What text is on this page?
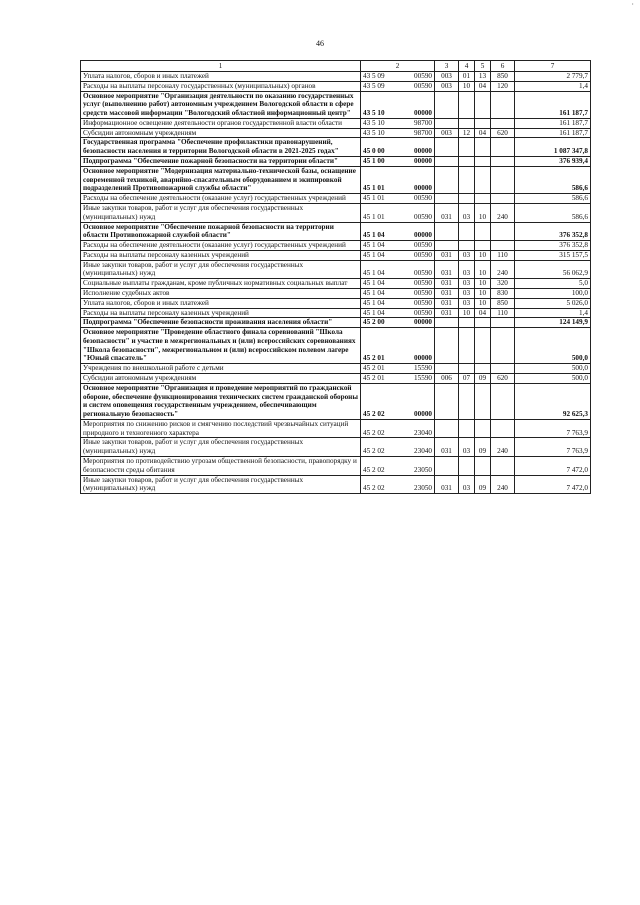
46
·
1	2		3	4	5	6	7
Уплата налогов, сборов и иных платежей	43 5 09	00590	003	01	13	850	2 779,7
Расходы на выплаты персоналу государственных (муниципальных) органов	43 5 09	00590	003	10	04	120	1,4
Основное мероприятие "Организация деятельности по оказанию государственных услуг (выполнению работ) автономным учреждением Вологодской области в сфере средств массовой информации "Вологодский областной информационный центр"	43 5 10	00000					161 187,7
Информационное освещение деятельности органов государственной власти области	43 5 10	98700					161 187,7
Субсидии автономным учреждениям	43 5 10	98700	003	12	04	620	161 187,7
Государственная программа "Обеспечение профилактики правонарушений, безопасности населения и территории Вологодской области в 2021-2025 годах"	45 0 00	00000					1 087 347,8
Подпрограмма "Обеспечение пожарной безопасности на территории области"	45 1 00	00000					376 939,4
Основное мероприятие "Модернизация материально-технической базы, оснащение современной техникой, аварийно-спасательным оборудованием и экипировкой подразделений Противопожарной службы области"	45 1 01	00000					586,6
Расходы на обеспечение деятельности (оказание услуг) государственных учреждений	45 1 01	00590					586,6
Иные закупки товаров, работ и услуг для обеспечения государственных (муниципальных) нужд	45 1 01	00590	031	03	10	240	586,6
Основное мероприятие "Обеспечение пожарной безопасности на территории области Противопожарной службой области"	45 1 04	00000					376 352,8
Расходы на обеспечение деятельности (оказание услуг) государственных учреждений	45 1 04	00590					376 352,8
Расходы на выплаты персоналу казенных учреждений	45 1 04	00590	031	03	10	110	315 157,5
Иные закупки товаров, работ и услуг для обеспечения государственных (муниципальных) нужд	45 1 04	00590	031	03	10	240	56 062,9
Социальные выплаты гражданам, кроме публичных нормативных социальных выплат	45 1 04	00590	031	03	10	320	5,0
Исполнение судебных актов	45 1 04	00590	031	03	10	830	100,0
Уплата налогов, сборов и иных платежей	45 1 04	00590	031	03	10	850	5 026,0
Расходы на выплаты персоналу казенных учреждений	45 1 04	00590	031	10	04	110	1,4
Подпрограмма "Обеспечение безопасности проживания населения области"	45 2 00	00000					124 149,9
Основное мероприятие "Проведение областного финала соревнований "Школа безопасности" и участие в межрегиональных и (или) всероссийских соревнованиях "Школа безопасности", межрегиональном и (или) всероссийском полевом лагере "Юный спасатель"	45 2 01	00000					500,0
Учреждения по внешкольной работе с детьми	45 2 01	15590					500,0
Субсидии автономным учреждениям	45 2 01	15590	006	07	09	620	500,0
Основное мероприятие "Организация и проведение мероприятий по гражданской обороне, обеспечение функционирования технических систем гражданской обороны и систем оповещения государственным учреждением, обеспечивающим региональную безопасность"	45 2 02	00000					92 625,3
Мероприятия по снижению рисков и смягчению последствий чрезвычайных ситуаций природного и техногенного характера	45 2 02	23040					7 763,9
Иные закупки товаров, работ и услуг для обеспечения государственных (муниципальных) нужд	45 2 02	23040	031	03	09	240	7 763,9
Мероприятия по противодействию угрозам общественной безопасности, правопорядку и безопасности среды обитания	45 2 02	23050					7 472,0
Иные закупки товаров, работ и услуг для обеспечения государственных (муниципальных) нужд	45 2 02	23050	031	03	09	240	7 472,0
